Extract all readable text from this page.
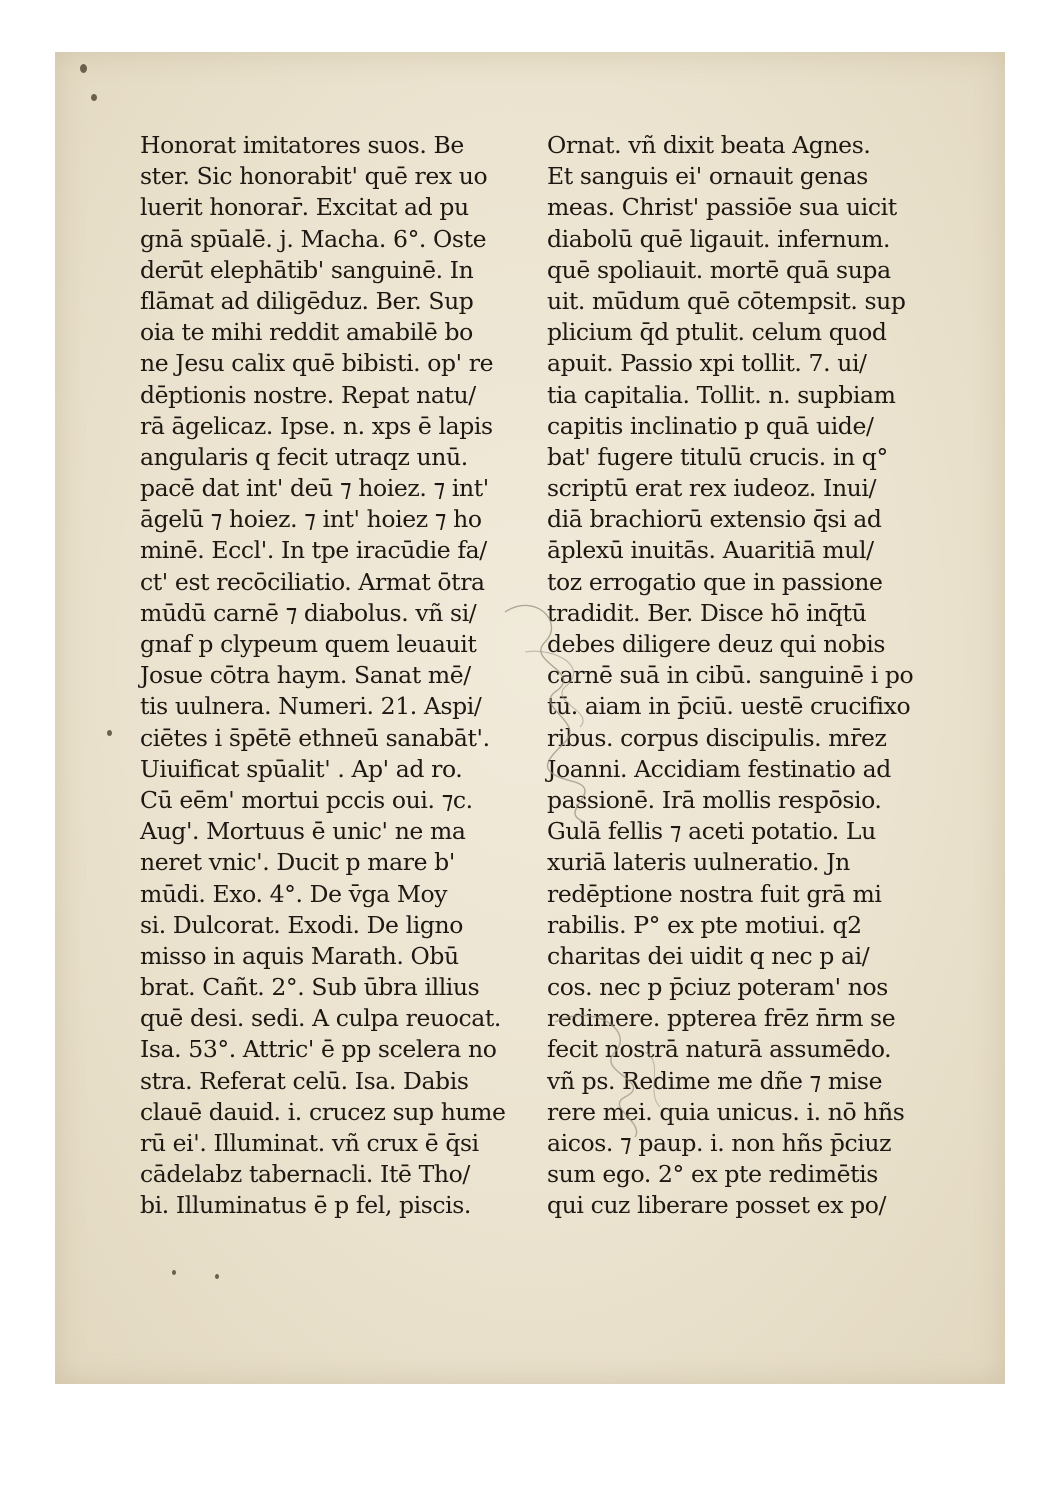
Honorat imitatores suos. Be
ster. Sic honorabit' quē rex uo
luerit honorar̄. Excitat ad pu
gnā spūalē. j. Macha. 6°. Oste
derūt elephātib' sanguinē. In
flāmat ad diligēduz. Ber. Sup
oia te mihi reddit amabilē bo
ne Jesu calix quē bibisti. op' re
dēptionis nostre. Repat natu/
rā āgelicaz. Ipse. n. xps ē lapis
angularis q fecit utraqz unū.
pacē dat int' deū ⁊ hoiez. ⁊ int'
āgelū ⁊ hoiez. ⁊ int' hoiez ⁊ ho
minē. Eccl'. In tpe iracūdie fa/
ct' est recōciliatio. Armat ōtra
mūdū carnē ⁊ diabolus. vñ si/
gnaf p clypeum quem leuauit
Josue cōtra haym. Sanat mē/
tis uulnera. Numeri. 21. Aspi/
ciētes i s̄pētē ethneū sanabāt'.
Uiuificat spūalit' . Ap' ad ro.
Cū eēm' mortui pccis oui. ⁊c.
Aug'. Mortuus ē unic' ne ma
neret vnic'. Ducit p mare b'
mūdi. Exo. 4°. De v̄ga Moy
si. Dulcorat. Exodi. De ligno
misso in aquis Marath. Obū
brat. Cañt. 2°. Sub ūbra illius
quē desi. sedi. A culpa reuocat.
Isa. 53°. Attric' ē pp scelera no
stra. Referat celū. Isa. Dabis
clauē dauid. i. crucez sup hume
rū ei'. Illuminat. vñ crux ē q̄si
cādelabz tabernacli. Itē Tho/
bi. Illuminatus ē p fel, piscis.
Ornat. vñ dixit beata Agnes.
Et sanguis ei' ornauit genas
meas. Christ' passiōe sua uicit
diabolū quē ligauit. infernum.
quē spoliauit. mortē quā supa
uit. mūdum quē cōtempsit. sup
plicium q̄d ptulit. celum quod
apuit. Passio xpi tollit. 7. ui/
tia capitalia. Tollit. n. supbiam
capitis inclinatio p quā uide/
bat' fugere titulū crucis. in q°
scriptū erat rex iudeoz. Inui/
diā brachiorū extensio q̄si ad
āplexū inuitās. Auaritiā mul/
toz errogatio que in passione
tradidit. Ber. Disce hō inq̄tū
debes diligere deuz qui nobis
carnē suā in cibū. sanguinē i po
tū. aiam in p̄ciū. uestē crucifixo
ribus. corpus discipulis. mr̄ez
Joanni. Accidiam festinatio ad
passionē. Irā mollis respōsio.
Gulā fellis ⁊ aceti potatio. Lu
xuriā lateris uulneratio. Jn
redēptione nostra fuit grā mi
rabilis. P° ex pte motiui. q2
charitas dei uidit q nec p ai/
cos. nec p p̄ciuz poteram' nos
redimere. ppterea frēz n̄rm se
fecit nostrā naturā assumēdo.
vñ ps. Redime me dñe ⁊ mise
rere mei. quia unicus. i. nō hñs
aicos. ⁊ paup. i. non hñs p̄ciuz
sum ego. 2° ex pte redimētis
qui cuz liberare posset ex po/
